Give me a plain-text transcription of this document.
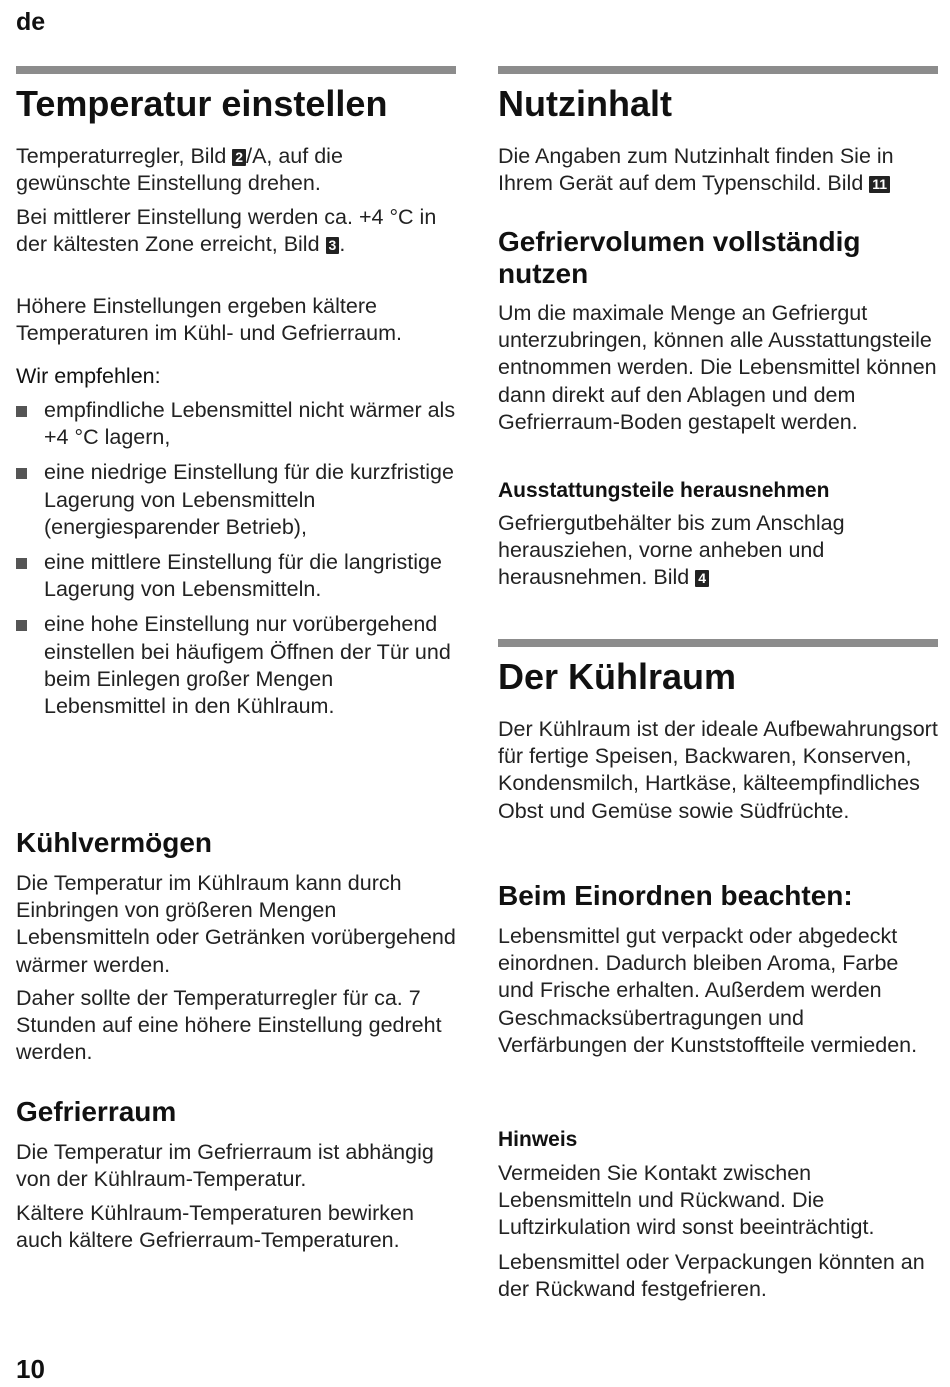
de
Temperatur einstellen

Temperaturregler, Bild 2 /A, auf die gewünschte Einstellung drehen.

Bei mittlerer Einstellung werden ca. +4 °C in der kältesten Zone erreicht, Bild 3 .

Höhere Einstellungen ergeben kältere Temperaturen im Kühl- und Gefrierraum.

Wir empfehlen:

empfindliche Lebensmittel nicht wärmer als +4 °C lagern,
eine niedrige Einstellung für die kurzfristige Lagerung von Lebensmitteln (energiesparender Betrieb),
eine mittlere Einstellung für die langristige Lagerung von Lebensmitteln.
eine hohe Einstellung nur vorübergehend einstellen bei häufigem Öffnen der Tür und beim Einlegen großer Mengen Lebensmittel in den Kühlraum.
Kühlvermögen

Die Temperatur im Kühlraum kann durch Einbringen von größeren Mengen Lebensmitteln oder Getränken vorübergehend wärmer werden.

Daher sollte der Temperaturregler für ca. 7 Stunden auf eine höhere Einstellung gedreht werden.

Gefrierraum

Die Temperatur im Gefrierraum ist abhängig von der Kühlraum-Temperatur.

Kältere Kühlraum-Temperaturen bewirken auch kältere Gefrierraum-Temperaturen.

Nutzinhalt

Die Angaben zum Nutzinhalt finden Sie in Ihrem Gerät auf dem Typenschild. Bild 11

Gefriervolumen vollständig nutzen

Um die maximale Menge an Gefriergut unterzubringen, können alle Ausstattungsteile entnommen werden. Die Lebensmittel können dann direkt auf den Ablagen und dem Gefrierraum-Boden gestapelt werden.

Ausstattungsteile herausnehmen

Gefriergutbehälter bis zum Anschlag herausziehen, vorne anheben und herausnehmen. Bild 4

Der Kühlraum

Der Kühlraum ist der ideale Aufbewahrungsort für fertige Speisen, Backwaren, Konserven, Kondensmilch, Hartkäse, kälteempfindliches Obst und Gemüse sowie Südfrüchte.

Beim Einordnen beachten:

Lebensmittel gut verpackt oder abgedeckt einordnen. Dadurch bleiben Aroma, Farbe und Frische erhalten. Außerdem werden Geschmacksübertragungen und Verfärbungen der Kunststoffteile vermieden.

Hinweis

Vermeiden Sie Kontakt zwischen Lebensmitteln und Rückwand. Die Luftzirkulation wird sonst beeinträchtigt.

Lebensmittel oder Verpackungen könnten an der Rückwand festgefrieren.

10
